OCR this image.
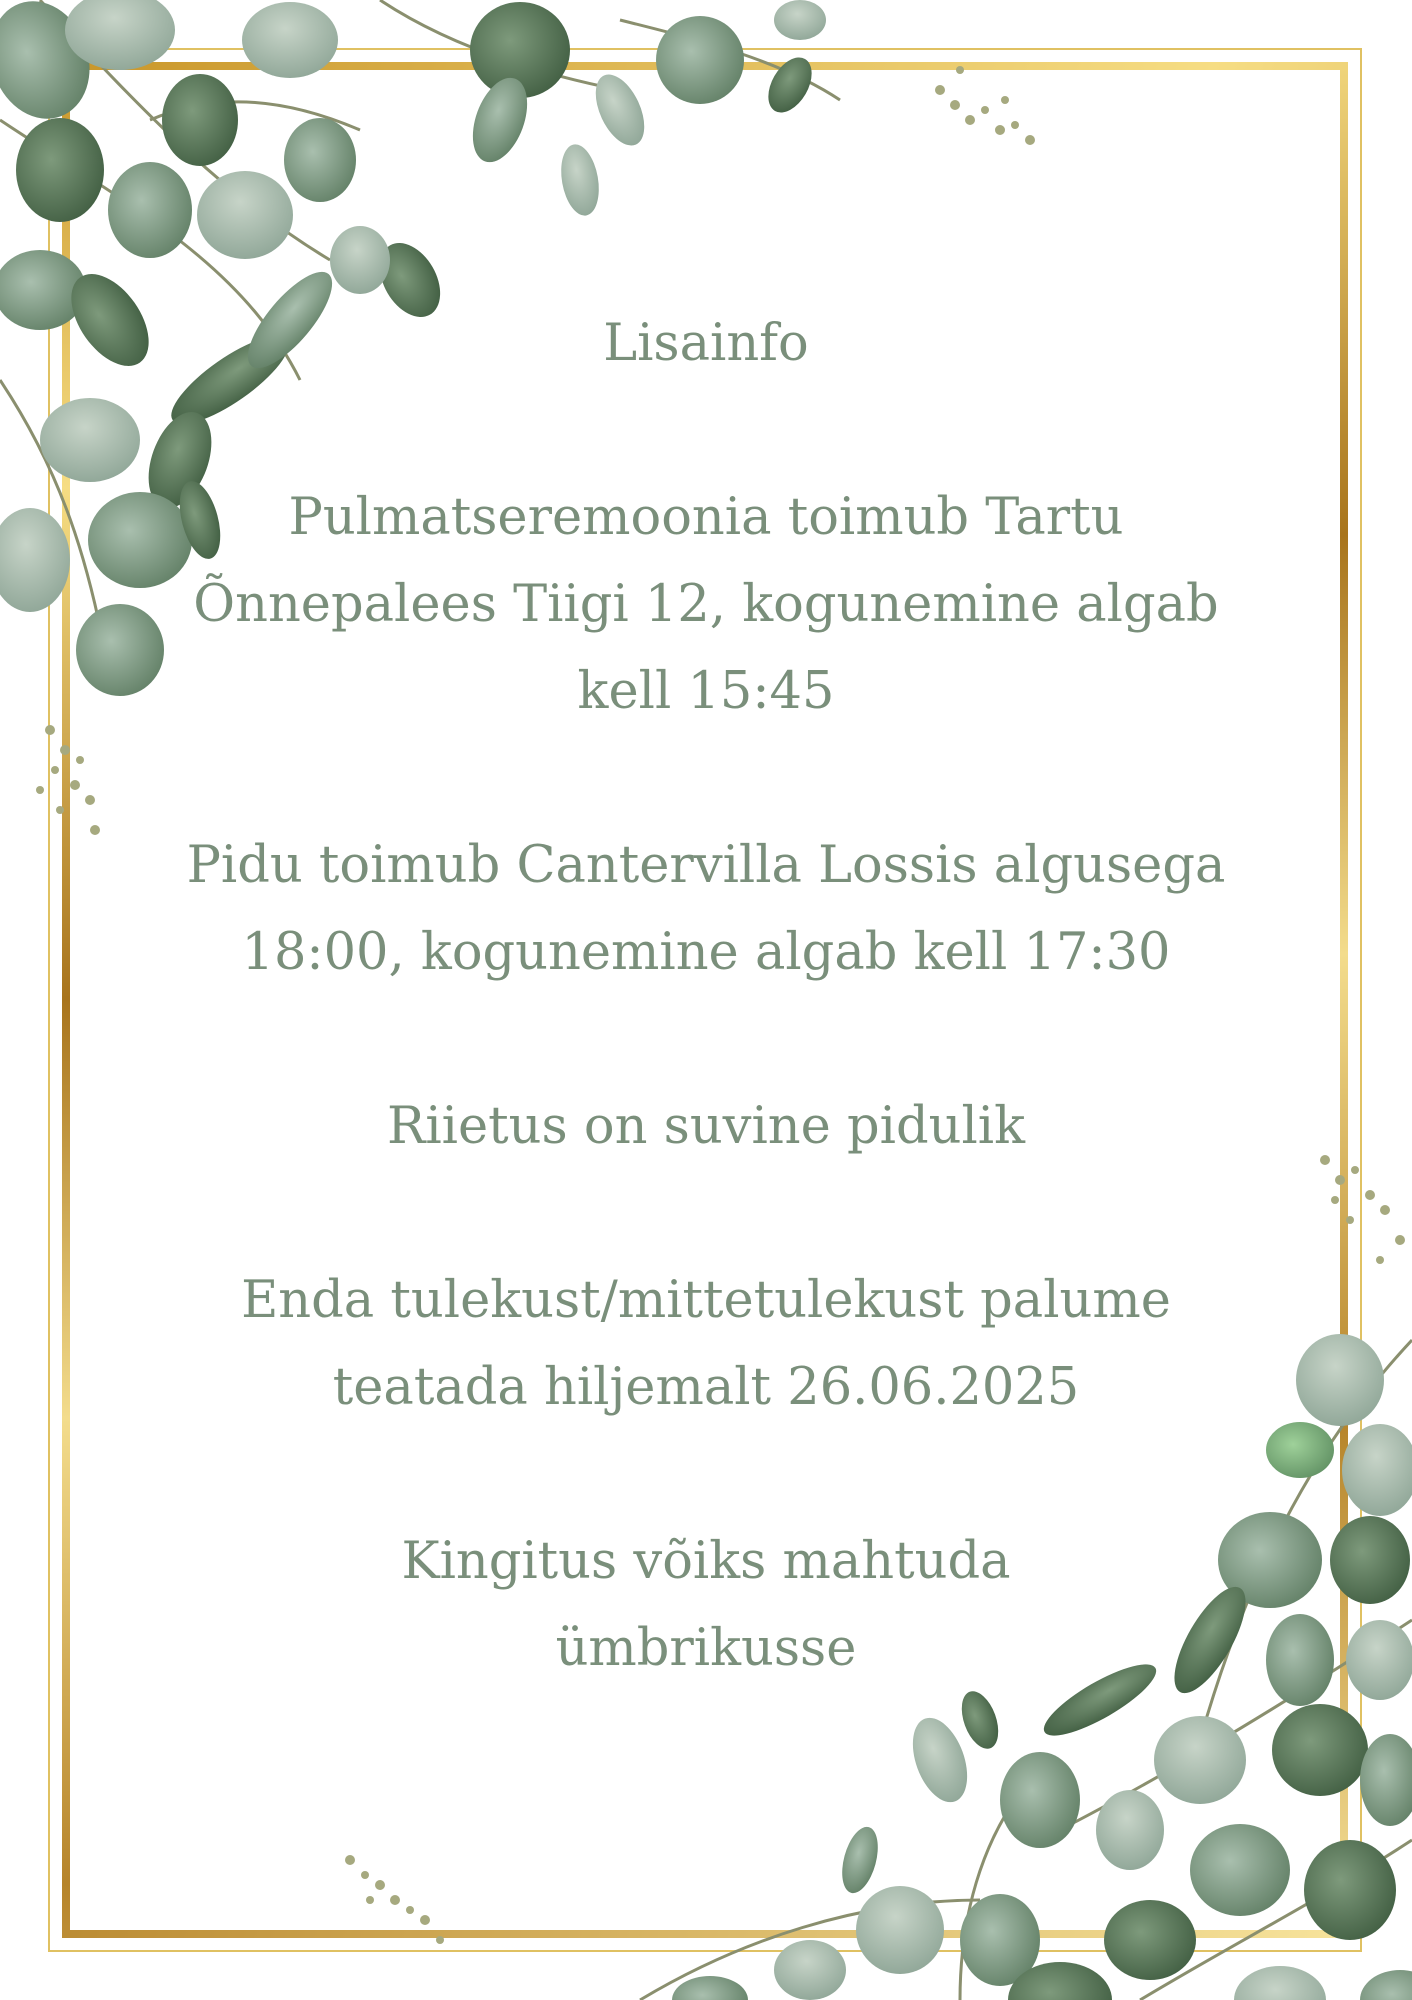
Lisainfo
Pulmatseremoonia toimub Tartu
Õnnepalees Tiigi 12, kogunemine algab
kell 15:45
Pidu toimub Cantervilla Lossis algusega
18:00, kogunemine algab kell 17:30
Riietus on suvine pidulik
Enda tulekust/mittetulekust palume
teatada hiljemalt 26.06.2025
Kingitus võiks mahtuda
ümbrikusse
